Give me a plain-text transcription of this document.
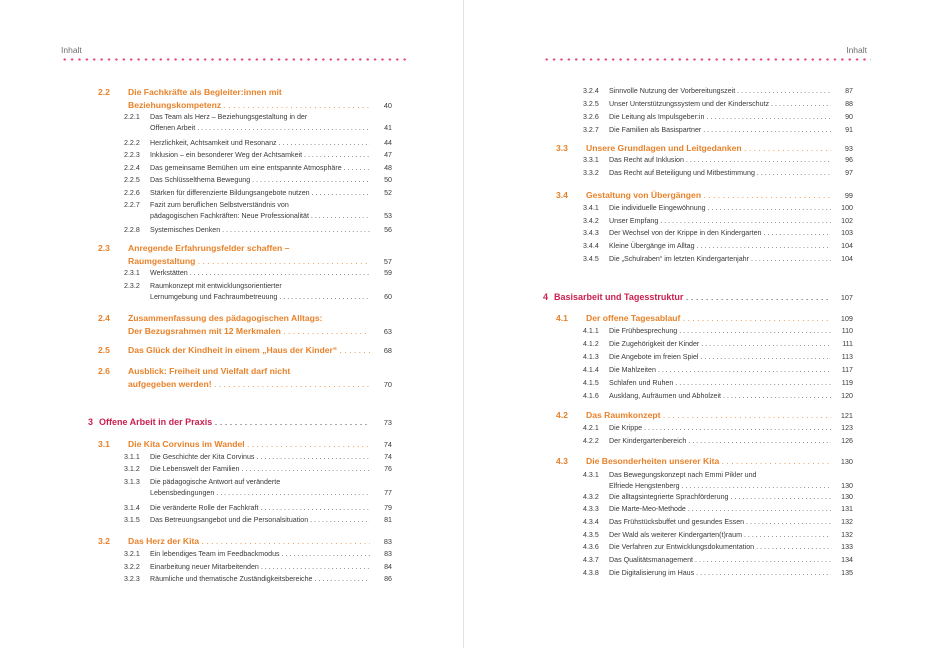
Inhalt
2.2	Die Fachkräfte als Begleiter:innen mit
Beziehungskompetenz . . .	40
2.2.1	Das Team als Herz – Beziehungsgestaltung in der
Offenen Arbeit . . .	41
2.2.2	Herzlichkeit, Achtsamkeit und Resonanz . . .	44
2.2.3	Inklusion – ein besonderer Weg der Achtsamkeit . . .	47
2.2.4	Das gemeinsame Bemühen um eine entspannte Atmosphäre . . .	48
2.2.5	Das Schlüsselthema Bewegung . . .	50
2.2.6	Stärken für differenzierte Bildungsangebote nutzen . . .	52
2.2.7	Fazit zum beruflichen Selbstverständnis von
pädagogischen Fachkräften: Neue Professionalität . . .	53
2.2.8	Systemisches Denken . . .	56
2.3	Anregende Erfahrungsfelder schaffen –
Raumgestaltung . . .	57
2.3.1	Werkstätten . . .	59
2.3.2	Raumkonzept mit entwicklungsorientierter
Lernumgebung und Fachraumbetreuung . . .	60
2.4	Zusammenfassung des pädagogischen Alltags:
Der Bezugsrahmen mit 12 Merkmalen . . .	63
2.5	Das Glück der Kindheit in einem „Haus der Kinder“ . . .	68
2.6	Ausblick: Freiheit und Vielfalt darf nicht
aufgegeben werden! . . .	70
3 Offene Arbeit in der Praxis . . .	73
3.1	Die Kita Corvinus im Wandel . . .	74
3.1.1	Die Geschichte der Kita Corvinus . . .	74
3.1.2	Die Lebenswelt der Familien . . .	76
3.1.3	Die pädagogische Antwort auf veränderte
Lebensbedingungen . . .	77
3.1.4	Die veränderte Rolle der Fachkraft . . .	79
3.1.5	Das Betreuungsangebot und die Personalsituation . . .	81
3.2	Das Herz der Kita . . .	83
3.2.1	Ein lebendiges Team im Feedbackmodus . . .	83
3.2.2	Einarbeitung neuer Mitarbeitenden . . .	84
3.2.3	Räumliche und thematische Zuständigkeitsbereiche . . .	86
Inhalt
3.2.4	Sinnvolle Nutzung der Vorbereitungszeit . . .	87
3.2.5	Unser Unterstützungssystem und der Kinderschutz . . .	88
3.2.6	Die Leitung als Impulsgeber:in . . .	90
3.2.7	Die Familien als Basispartner . . .	91
3.3	Unsere Grundlagen und Leitgedanken . . .	93
3.3.1	Das Recht auf Inklusion . . .	96
3.3.2	Das Recht auf Beteiligung und Mitbestimmung . . .	97
3.4	Gestaltung von Übergängen . . .	99
3.4.1	Die individuelle Eingewöhnung . . .	100
3.4.2	Unser Empfang . . .	102
3.4.3	Der Wechsel von der Krippe in den Kindergarten . . .	103
3.4.4	Kleine Übergänge im Alltag . . .	104
3.4.5	Die „Schulraben“ im letzten Kindergartenjahr . . .	104
4 Basisarbeit und Tagesstruktur . . .	107
4.1	Der offene Tagesablauf . . .	109
4.1.1	Die Frühbesprechung . . .	110
4.1.2	Die Zugehörigkeit der Kinder . . .	111
4.1.3	Die Angebote im freien Spiel . . .	113
4.1.4	Die Mahlzeiten . . .	117
4.1.5	Schlafen und Ruhen . . .	119
4.1.6	Ausklang, Aufräumen und Abholzeit . . .	120
4.2	Das Raumkonzept . . .	121
4.2.1	Die Krippe . . .	123
4.2.2	Der Kindergartenbereich . . .	126
4.3	Die Besonderheiten unserer Kita . . .	130
4.3.1	Das Bewegungskonzept nach Emmi Pikler und
Elfriede Hengstenberg . . .	130
4.3.2	Die alltagsintegrierte Sprachförderung . . .	130
4.3.3	Die Marte-Meo-Methode . . .	131
4.3.4	Das Frühstücksbuffet und gesundes Essen . . .	132
4.3.5	Der Wald als weiterer Kindergarten(t)raum . . .	132
4.3.6	Die Verfahren zur Entwicklungsdokumentation . . .	133
4.3.7	Das Qualitätsmanagement . . .	134
4.3.8	Die Digitalisierung im Haus . . .	135
